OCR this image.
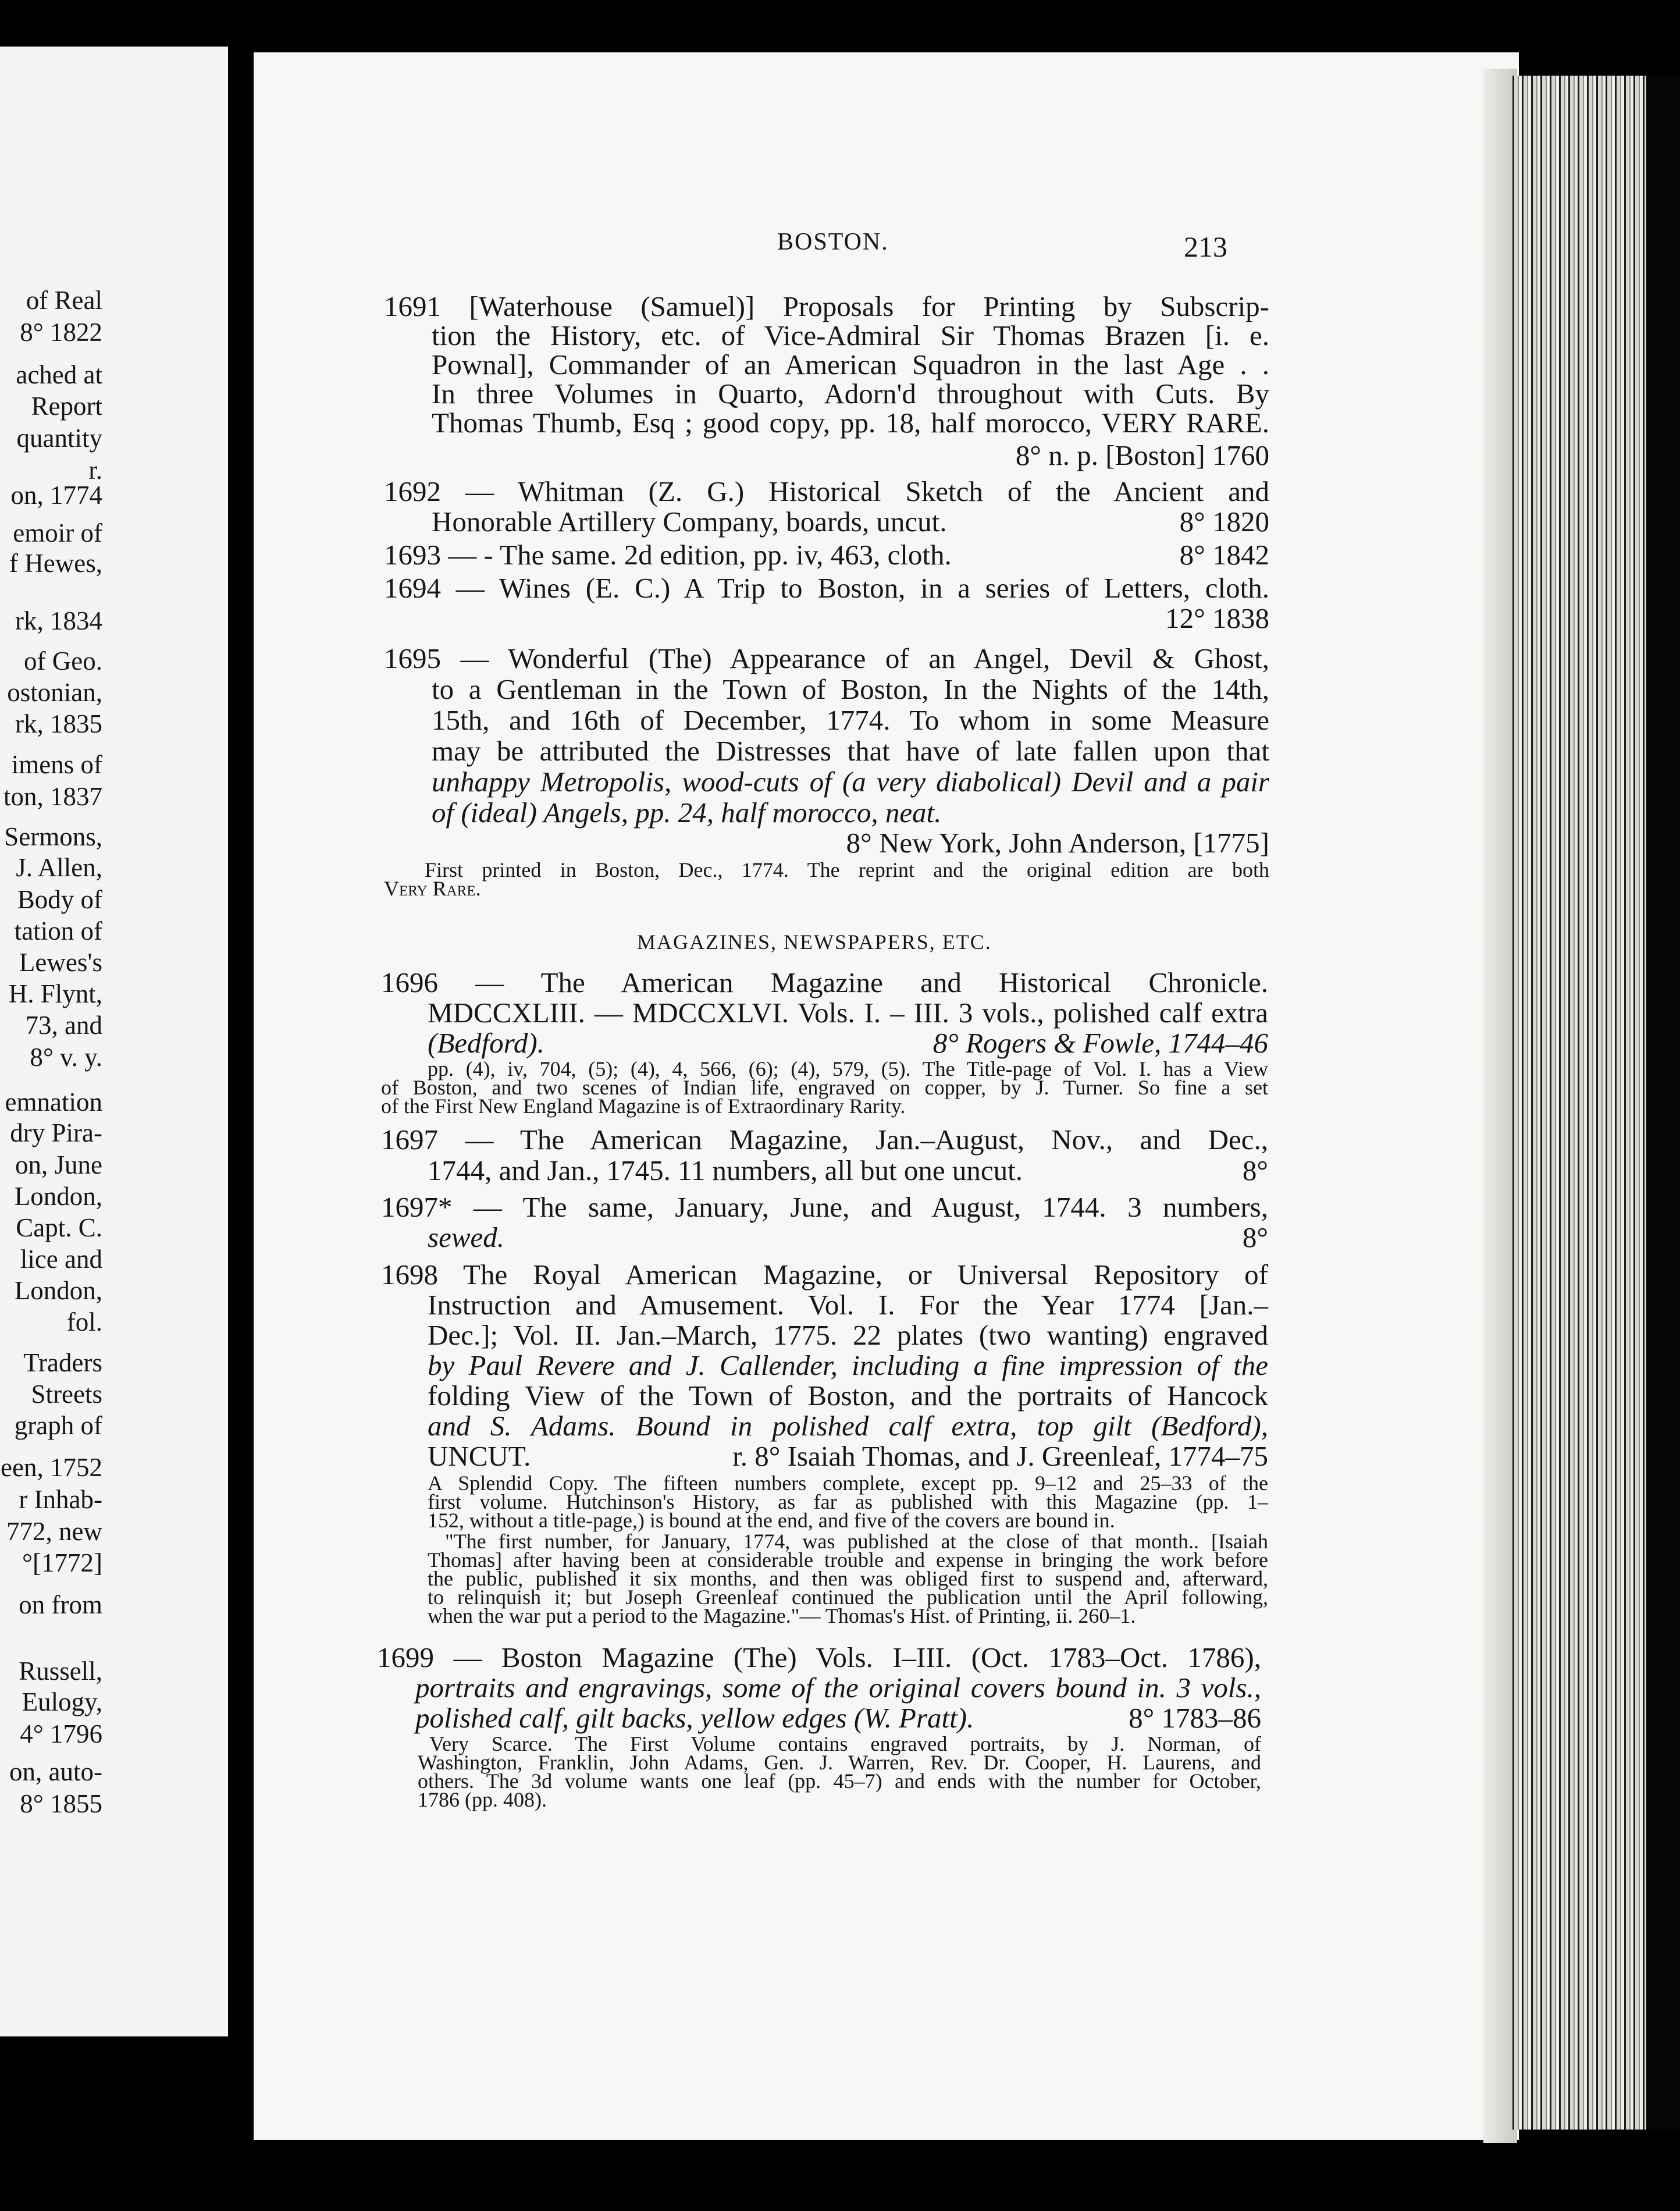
of Real
8° 1822
ached at
Report
quantity
r.
on, 1774
emoir of
f Hewes,
rk, 1834
of Geo.
ostonian,
rk, 1835
imens of
ton, 1837
Sermons,
J. Allen,
Body of
tation of
Lewes's
H. Flynt,
73, and
8° v. y.
emnation
dry Pira-
on, June
London,
Capt. C.
lice and
London,
fol.
Traders
Streets
graph of
een, 1752
r Inhab-
772, new
°[1772]
on from
Russell,
Eulogy,
4° 1796
on, auto-
8° 1855
BOSTON.	213
1691 [Waterhouse (Samuel)] Proposals for Printing by Subscrip-
tion the History, etc. of Vice-Admiral Sir Thomas Brazen [i. e.
Pownal], Commander of an American Squadron in the last Age . .
In three Volumes in Quarto, Adorn'd throughout with Cuts. By
Thomas Thumb, Esq ; good copy, pp. 18, half morocco, VERY RARE.
8° n. p. [Boston] 1760
1692 — Whitman (Z. G.) Historical Sketch of the Ancient and
Honorable Artillery Company, boards, uncut.	8° 1820
1693 — - The same. 2d edition, pp. iv, 463, cloth.	8° 1842
1694 — Wines (E. C.) A Trip to Boston, in a series of Letters, cloth.
12° 1838
1695 — Wonderful (The) Appearance of an Angel, Devil & Ghost,
to a Gentleman in the Town of Boston, In the Nights of the 14th,
15th, and 16th of December, 1774. To whom in some Measure
may be attributed the Distresses that have of late fallen upon that
unhappy Metropolis, wood-cuts of (a very diabolical) Devil and a pair
of (ideal) Angels, pp. 24, half morocco, neat.
8° New York, John Anderson, [1775]
First printed in Boston, Dec., 1774. The reprint and the original edition are both
Very Rare.
MAGAZINES, NEWSPAPERS, ETC.
1696 — The American Magazine and Historical Chronicle.
MDCCXLIII. — MDCCXLVI. Vols. I. – III. 3 vols., polished calf extra
(Bedford).	8° Rogers & Fowle, 1744–46
pp. (4), iv, 704, (5); (4), 4, 566, (6); (4), 579, (5). The Title-page of Vol. I. has a View
of Boston, and two scenes of Indian life, engraved on copper, by J. Turner. So fine a set
of the First New England Magazine is of Extraordinary Rarity.
1697 — The American Magazine, Jan.–August, Nov., and Dec.,
1744, and Jan., 1745. 11 numbers, all but one uncut.	8°
1697* — The same, January, June, and August, 1744. 3 numbers,
sewed.	8°
1698 The Royal American Magazine, or Universal Repository of
Instruction and Amusement. Vol. I. For the Year 1774 [Jan.–
Dec.]; Vol. II. Jan.–March, 1775. 22 plates (two wanting) engraved
by Paul Revere and J. Callender, including a fine impression of the
folding View of the Town of Boston, and the portraits of Hancock
and S. Adams. Bound in polished calf extra, top gilt (Bedford),
UNCUT.	r. 8° Isaiah Thomas, and J. Greenleaf, 1774–75
A Splendid Copy. The fifteen numbers complete, except pp. 9–12 and 25–33 of the
first volume. Hutchinson's History, as far as published with this Magazine (pp. 1–
152, without a title-page,) is bound at the end, and five of the covers are bound in.
"The first number, for January, 1774, was published at the close of that month.. [Isaiah
Thomas] after having been at considerable trouble and expense in bringing the work before
the public, published it six months, and then was obliged first to suspend and, afterward,
to relinquish it; but Joseph Greenleaf continued the publication until the April following,
when the war put a period to the Magazine."— Thomas's Hist. of Printing, ii. 260–1.
1699 — Boston Magazine (The) Vols. I–III. (Oct. 1783–Oct. 1786),
portraits and engravings, some of the original covers bound in. 3 vols.,
polished calf, gilt backs, yellow edges (W. Pratt).	8° 1783–86
Very Scarce. The First Volume contains engraved portraits, by J. Norman, of
Washington, Franklin, John Adams, Gen. J. Warren, Rev. Dr. Cooper, H. Laurens, and
others. The 3d volume wants one leaf (pp. 45–7) and ends with the number for October,
1786 (pp. 408).
